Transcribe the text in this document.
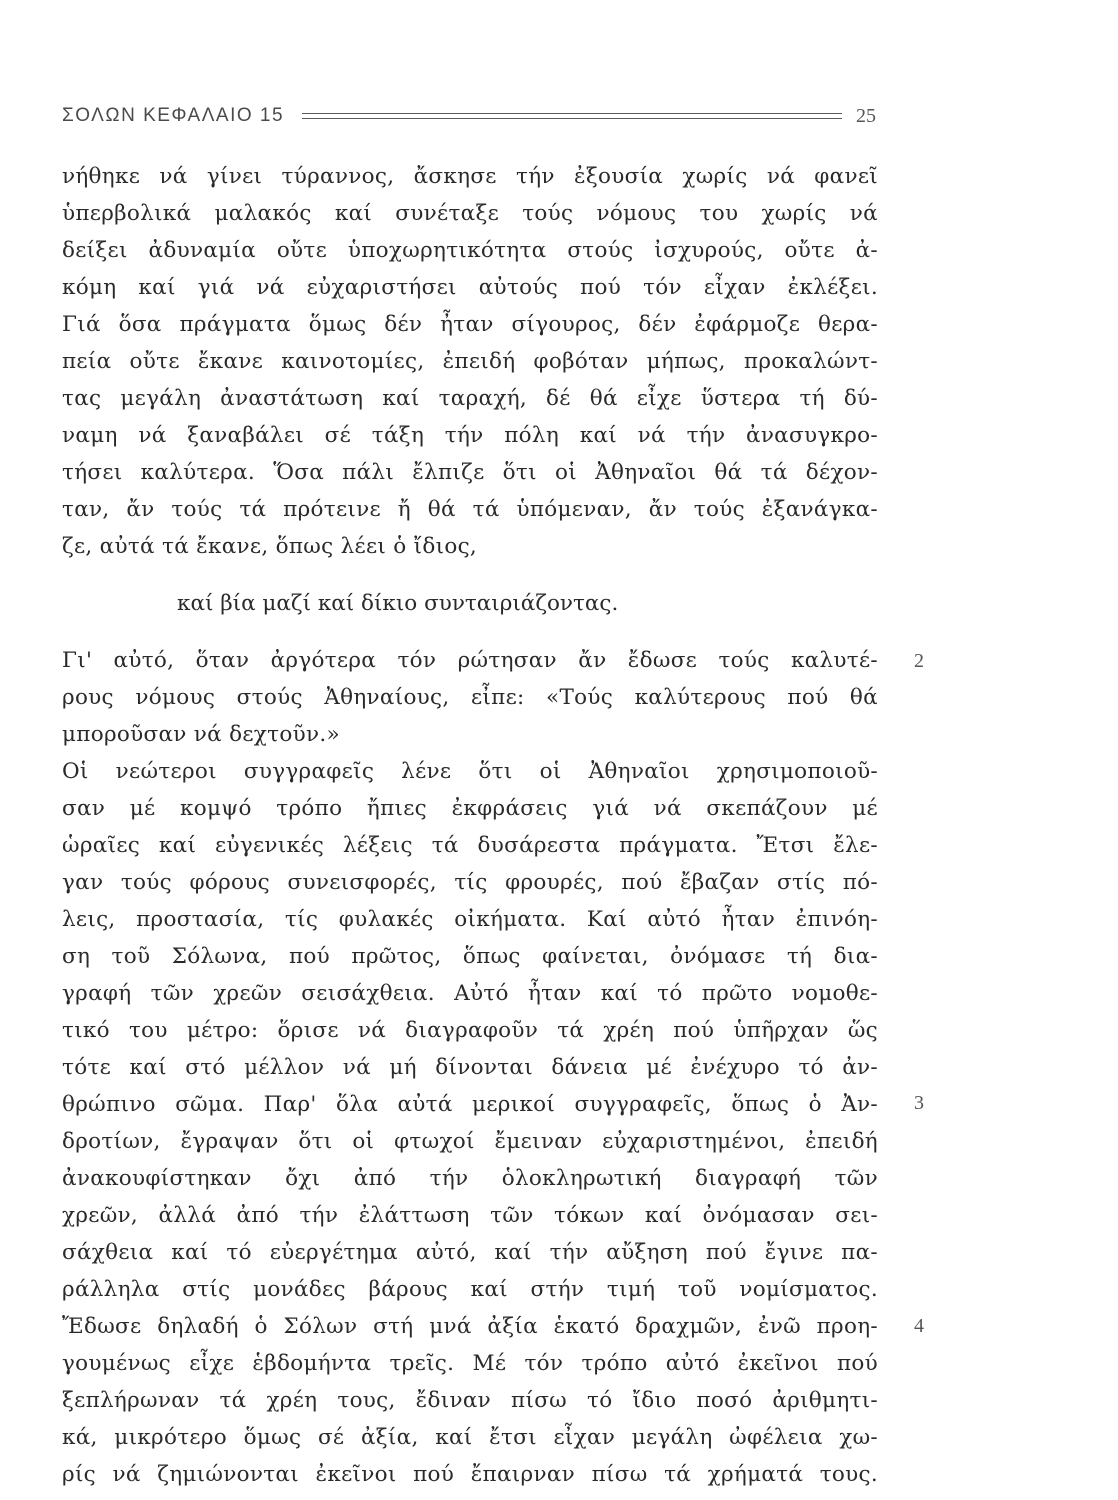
ΣΟΛΩΝ ΚΕΦΑΛΑΙΟ 15	25
νήθηκε νά γίνει τύραννος, ἄσκησε τήν ἐξουσία χωρίς νά φανεῖ
ὑπερβολικά μαλακός καί συνέταξε τούς νόμους του χωρίς νά
δείξει ἀδυναμία οὔτε ὑποχωρητικότητα στούς ἰσχυρούς, οὔτε ἀ-
κόμη καί γιά νά εὐχαριστήσει αὐτούς πού τόν εἶχαν ἐκλέξει.
Γιά ὅσα πράγματα ὅμως δέν ἦταν σίγουρος, δέν ἐφάρμοζε θερα-
πεία οὔτε ἔκανε καινοτομίες, ἐπειδή φοβόταν μήπως, προκαλώντ-
τας μεγάλη ἀναστάτωση καί ταραχή, δέ θά εἶχε ὕστερα τή δύ-
ναμη νά ξαναβάλει σέ τάξη τήν πόλη καί νά τήν ἀνασυγκρο-
τήσει καλύτερα. Ὅσα πάλι ἔλπιζε ὅτι οἱ Ἀθηναῖοι θά τά δέχον-
ταν, ἄν τούς τά πρότεινε ἤ θά τά ὑπόμεναν, ἄν τούς ἐξανάγκα-
ζε, αὐτά τά ἔκανε, ὅπως λέει ὁ ἴδιος,
καί βία μαζί καί δίκιο συνταιριάζοντας.
Γι' αὐτό, ὅταν ἀργότερα τόν ρώτησαν ἄν ἔδωσε τούς καλυτέ-
ρους νόμους στούς Ἀθηναίους, εἶπε: «Τούς καλύτερους πού θά
μποροῦσαν νά δεχτοῦν.»
Οἱ νεώτεροι συγγραφεῖς λένε ὅτι οἱ Ἀθηναῖοι χρησιμοποιοῦ-
σαν μέ κομψό τρόπο ἤπιες ἐκφράσεις γιά νά σκεπάζουν μέ
ὡραῖες καί εὐγενικές λέξεις τά δυσάρεστα πράγματα. Ἔτσι ἔλε-
γαν τούς φόρους συνεισφορές, τίς φρουρές, πού ἔβαζαν στίς πό-
λεις, προστασία, τίς φυλακές οἰκήματα. Καί αὐτό ἦταν ἐπινόη-
ση τοῦ Σόλωνα, πού πρῶτος, ὅπως φαίνεται, ὀνόμασε τή δια-
γραφή τῶν χρεῶν σεισάχθεια. Αὐτό ἦταν καί τό πρῶτο νομοθε-
τικό του μέτρο: ὅρισε νά διαγραφοῦν τά χρέη πού ὑπῆρχαν ὥς
τότε καί στό μέλλον νά μή δίνονται δάνεια μέ ἐνέχυρο τό ἀν-
θρώπινο σῶμα. Παρ' ὅλα αὐτά μερικοί συγγραφεῖς, ὅπως ὁ Ἀν-
δροτίων, ἔγραψαν ὅτι οἱ φτωχοί ἔμειναν εὐχαριστημένοι, ἐπειδή
ἀνακουφίστηκαν ὄχι ἀπό τήν ὁλοκληρωτική διαγραφή τῶν
χρεῶν, ἀλλά ἀπό τήν ἐλάττωση τῶν τόκων καί ὀνόμασαν σει-
σάχθεια καί τό εὐεργέτημα αὐτό, καί τήν αὔξηση πού ἔγινε πα-
ράλληλα στίς μονάδες βάρους καί στήν τιμή τοῦ νομίσματος.
Ἔδωσε δηλαδή ὁ Σόλων στή μνά ἀξία ἑκατό δραχμῶν, ἐνῶ προη-
γουμένως εἶχε ἑβδομήντα τρεῖς. Μέ τόν τρόπο αὐτό ἐκεῖνοι πού
ξεπλήρωναν τά χρέη τους, ἔδιναν πίσω τό ἴδιο ποσό ἀριθμητι-
κά, μικρότερο ὅμως σέ ἀξία, καί ἔτσι εἶχαν μεγάλη ὠφέλεια χω-
ρίς νά ζημιώνονται ἐκεῖνοι πού ἔπαιρναν πίσω τά χρήματά τους.
2
3
4
